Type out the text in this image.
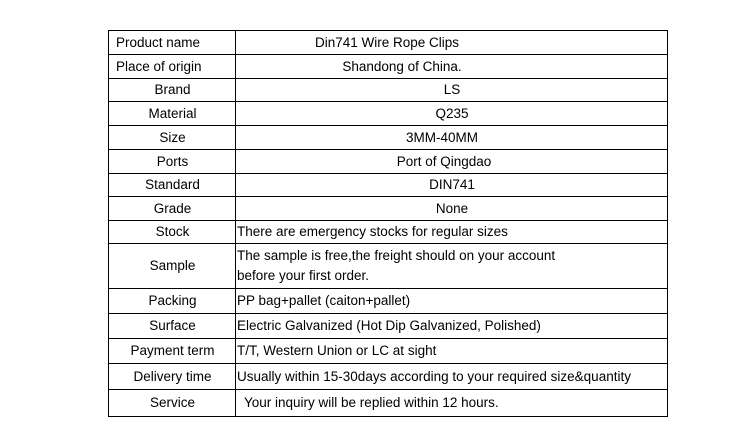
Product name	Din741 Wire Rope Clips

Place of origin	Shandong of China.

Brand	LS

Material	Q235

Size	3MM-40MM

Ports	Port of Qingdao

Standard	DIN741

Grade	None

Stock	There are emergency stocks for regular sizes

Sample	The sample is free,the freight should on your account
before your first order.

Packing	PP bag+pallet (caiton+pallet)

Surface	Electric Galvanized (Hot Dip Galvanized, Polished)

Payment term	T/T, Western Union or LC at sight

Delivery time	Usually within 15-30days according to your required size&quantity

Service	Your inquiry will be replied within 12 hours.
